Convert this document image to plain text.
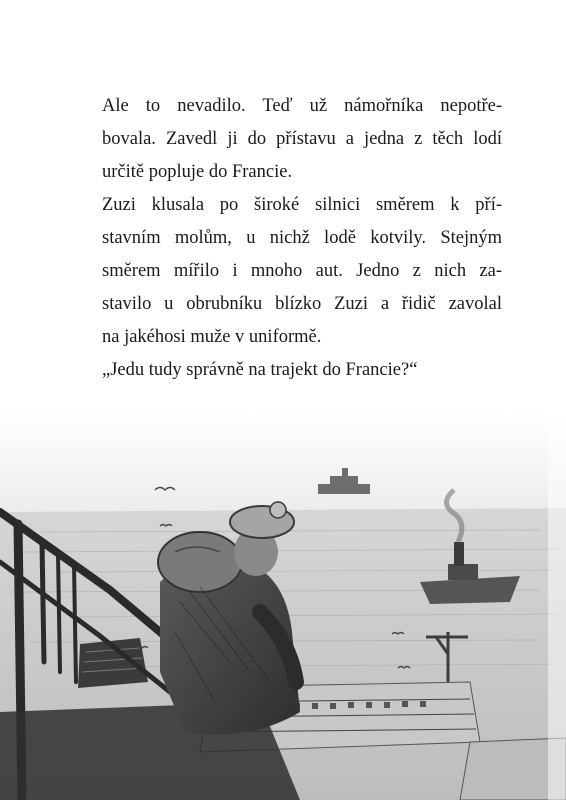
Ale to nevadilo. Teď už námořníka nepotře-
bovala. Zavedl ji do přístavu a jedna z těch lodí
určitě popluje do Francie.

Zuzi klusala po široké silnici směrem k pří-
stavním molům, u nichž lodě kotvily. Stejným
směrem mířilo i mnoho aut. Jedno z nich za-
stavilo u obrubníku blízko Zuzi a řidič zavolal
na jakéhosi muže v uniformě.

„Jedu tudy správně na trajekt do Francie?“
